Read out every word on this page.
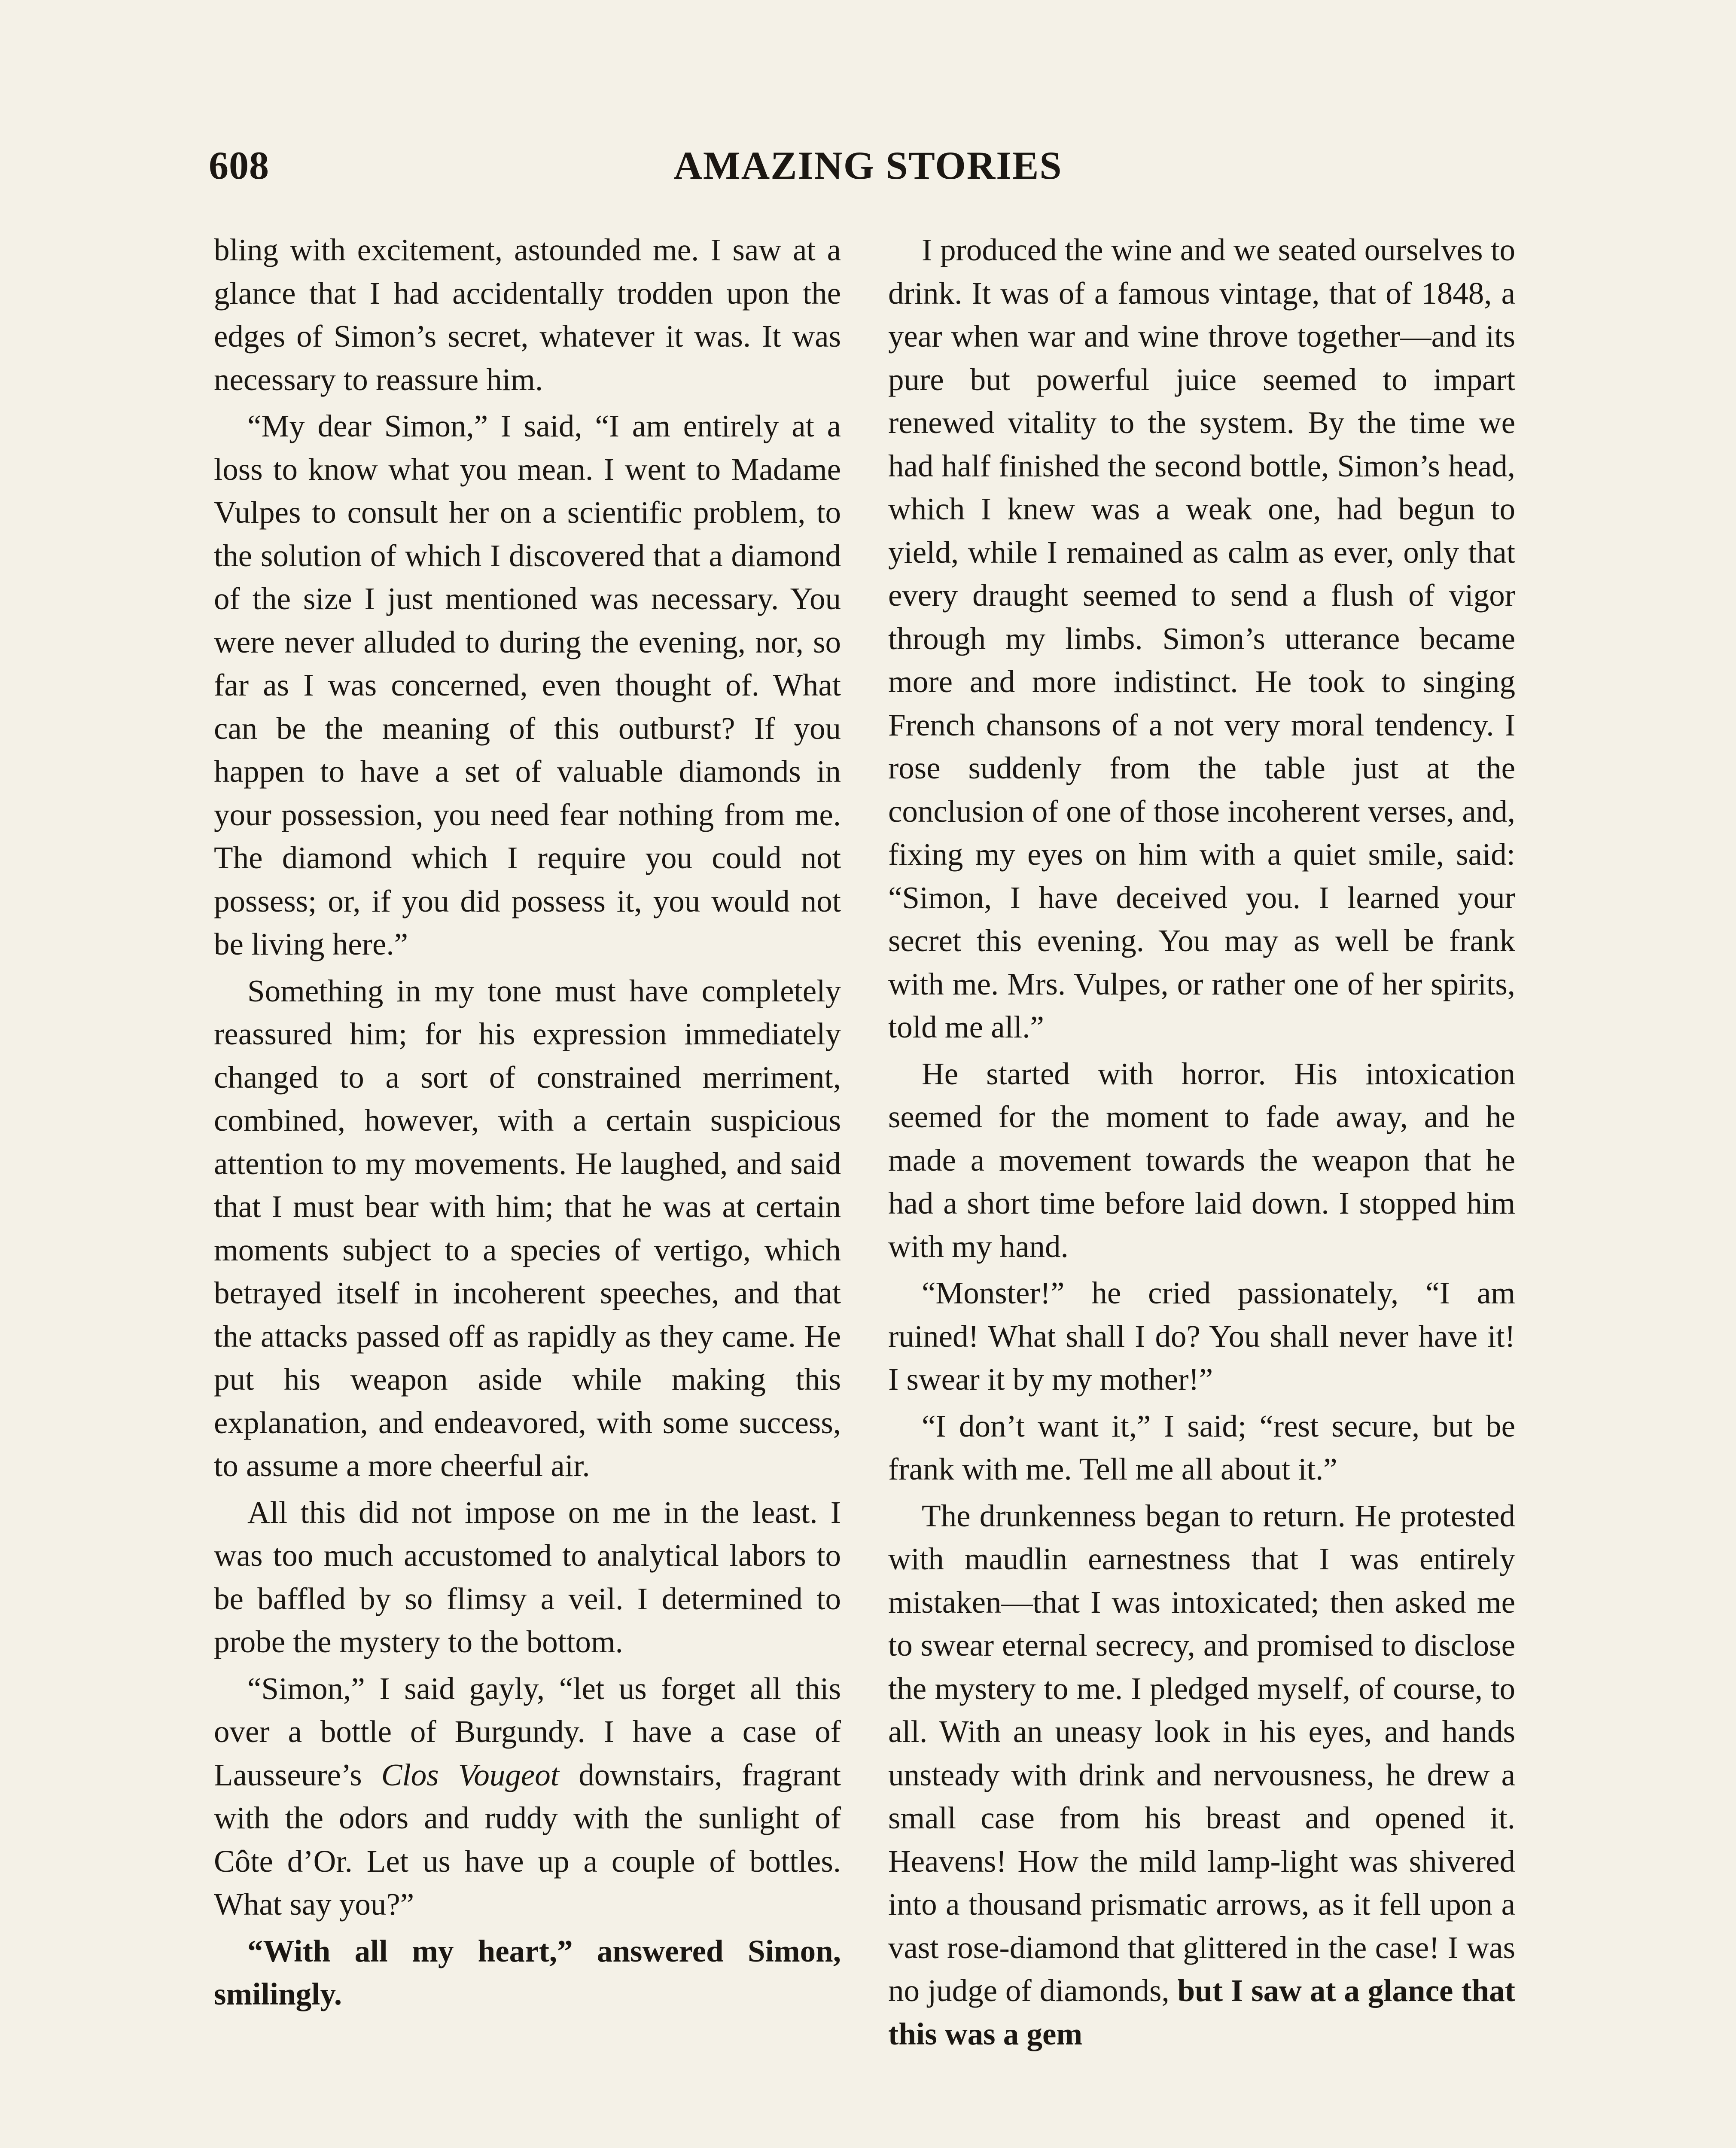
608	AMAZING STORIES

bling with excitement, astounded me. I saw at a glance that I had accidentally trodden upon the edges of Simon’s secret, whatever it was. It was necessary to reassure him.

“My dear Simon,” I said, “I am entirely at a loss to know what you mean. I went to Madame Vulpes to consult her on a scientific problem, to the solution of which I discovered that a diamond of the size I just mentioned was necessary. You were never alluded to during the evening, nor, so far as I was concerned, even thought of. What can be the meaning of this outburst? If you happen to have a set of valuable diamonds in your possession, you need fear nothing from me. The diamond which I require you could not possess; or, if you did possess it, you would not be living here.”

Something in my tone must have completely reassured him; for his expression immediately changed to a sort of constrained merriment, combined, however, with a certain suspicious attention to my movements. He laughed, and said that I must bear with him; that he was at certain moments subject to a species of vertigo, which betrayed itself in incoherent speeches, and that the attacks passed off as rapidly as they came. He put his weapon aside while making this explanation, and endeavored, with some success, to assume a more cheerful air.

All this did not impose on me in the least. I was too much accustomed to analytical labors to be baffled by so flimsy a veil. I determined to probe the mystery to the bottom.

“Simon,” I said gayly, “let us forget all this over a bottle of Burgundy. I have a case of Lausseure’s Clos Vougeot downstairs, fragrant with the odors and ruddy with the sunlight of Côte d’Or. Let us have up a couple of bottles. What say you?”

“With all my heart,” answered Simon, smilingly.

I produced the wine and we seated ourselves to drink. It was of a famous vintage, that of 1848, a year when war and wine throve together—and its pure but powerful juice seemed to impart renewed vitality to the system. By the time we had half finished the second bottle, Simon’s head, which I knew was a weak one, had begun to yield, while I remained as calm as ever, only that every draught seemed to send a flush of vigor through my limbs. Simon’s utterance became more and more indistinct. He took to singing French chansons of a not very moral tendency. I rose suddenly from the table just at the conclusion of one of those incoherent verses, and, fixing my eyes on him with a quiet smile, said: “Simon, I have deceived you. I learned your secret this evening. You may as well be frank with me. Mrs. Vulpes, or rather one of her spirits, told me all.”

He started with horror. His intoxication seemed for the moment to fade away, and he made a movement towards the weapon that he had a short time before laid down. I stopped him with my hand.

“Monster!” he cried passionately, “I am ruined! What shall I do? You shall never have it! I swear it by my mother!”

“I don’t want it,” I said; “rest secure, but be frank with me. Tell me all about it.”

The drunkenness began to return. He protested with maudlin earnestness that I was entirely mistaken—that I was intoxicated; then asked me to swear eternal secrecy, and promised to disclose the mystery to me. I pledged myself, of course, to all. With an uneasy look in his eyes, and hands unsteady with drink and nervousness, he drew a small case from his breast and opened it. Heavens! How the mild lamp-light was shivered into a thousand prismatic arrows, as it fell upon a vast rose-diamond that glittered in the case! I was no judge of diamonds, but I saw at a glance that this was a gem
